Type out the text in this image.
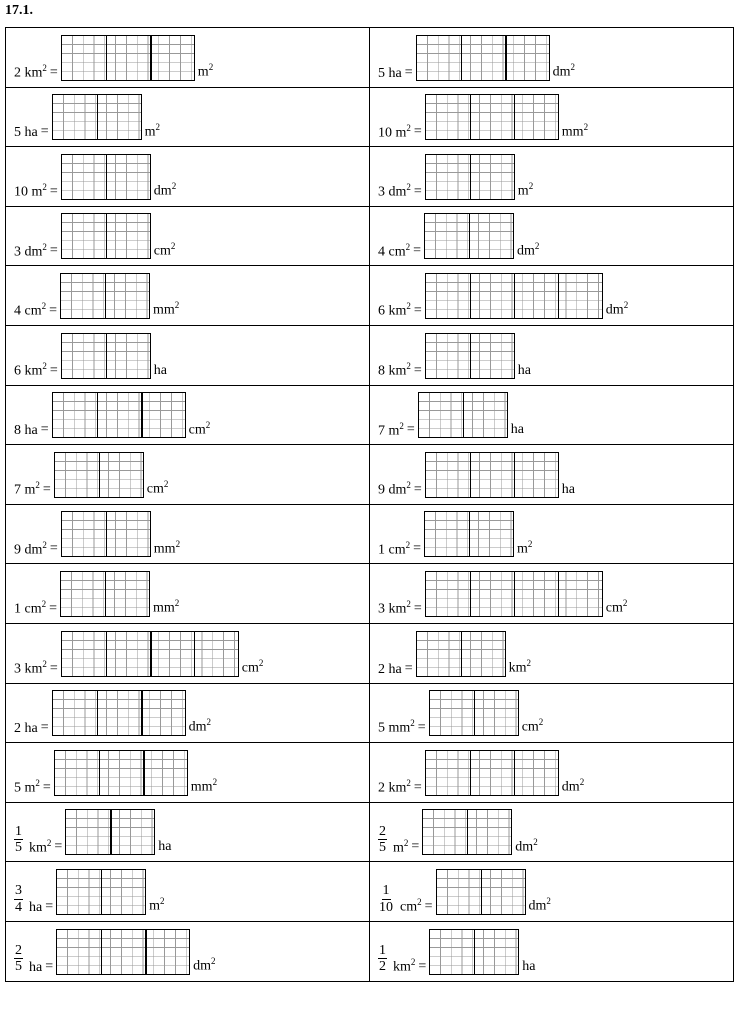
17.1.
2 $km^2 = m^2$	5 ha = $dm^2$

5 ha = $m^2$	10 $m^2 = mm^2$

10 $m^2 = dm^2$	3 $dm^2 = m^2$

3 $dm^2 = cm^2$	4 $cm^2 = dm^2$

4 $cm^2 = mm^2$	6 $km^2 = dm^2$

6 $km^2$ = ha	8 $km^2$ = ha

8 ha = $cm^2$	7 $m^2$ = ha

7 $m^2 = cm^2$	9 $dm^2$ = ha

9 $dm^2 = mm^2$	1 $cm^2 = m^2$

1 $cm^2 = mm^2$	3 $km^2 = cm^2$

3 $km^2 = cm^2$	2 ha = $km^2$

2 ha = $dm^2$	5 $mm^2 = cm^2$

5 $m^2 = mm^2$	2 $km^2 = dm^2$

$\frac{1}{5} km^2$ = ha	$\frac{2}{5} m^2 = dm^2$

$\frac{3}{4}$ ha = $m^2$	$\frac{1}{10} cm^2 = dm^2$

$\frac{2}{5}$ ha = $dm^2$	$\frac{1}{2} km^2$ = ha
